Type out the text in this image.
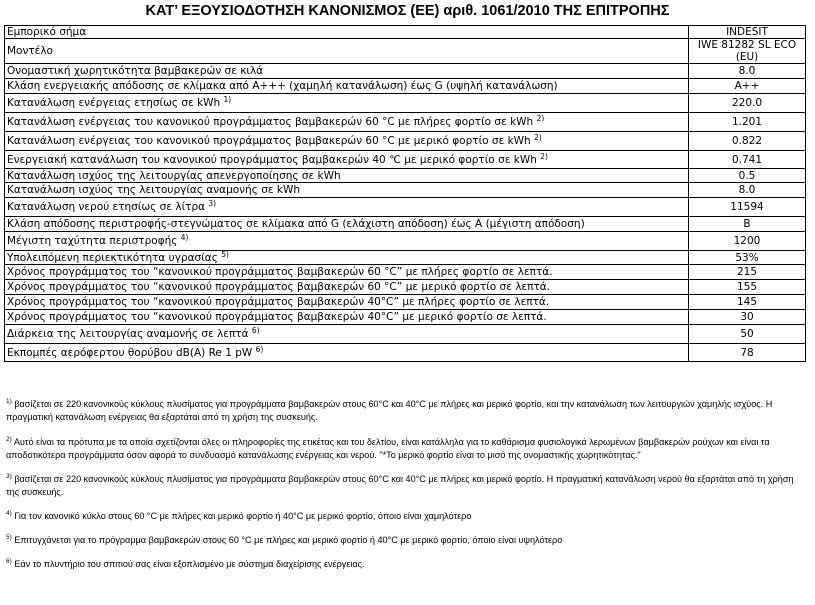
ΚΑΤ’ ΕΞΟΥΣΙΟΔΟΤΗΣΗ ΚΑΝΟΝΙΣΜΟΣ (ΕΕ) αριθ. 1061/2010 ΤΗΣ ΕΠΙΤΡΟΠΗΣ
Εμπορικό σήμα	INDESIT
Μοντέλο	IWE 81282 SL ECO (EU)
Ονομαστική χωρητικότητα βαμβακερών σε κιλά	8.0
Κλάση ενεργειακής απόδοσης σε κλίμακα από A+++ (χαμηλή κατανάλωση) έως G (υψηλή κατανάλωση)	A++
Κατανάλωση ενέργειας ετησίως σε kWh $^{1)}$	220.0
Κατανάλωση ενέργειας του κανονικού προγράμματος βαμβακερών 60 °C με πλήρες φορτίο σε kWh $^{2)}$	1.201
Κατανάλωση ενέργειας του κανονικού προγράμματος βαμβακερών 60 °C με μερικό φορτίο σε kWh $^{2)}$	0.822
Ενεργειακή κατανάλωση του κανονικού προγράμματος βαμβακερών 40 ℃ με μερικό φορτίο σε kWh $^{2)}$	0.741
Κατανάλωση ισχύος της λειτουργίας απενεργοποίησης σε kWh	0.5
Κατανάλωση ισχύος της λειτουργίας αναμονής σε kWh	8.0
Κατανάλωση νερού ετησίως σε λίτρα $^{3)}$	11594
Κλάση απόδοσης περιστροφής-στεγνώματος σε κλίμακα από G (ελάχιστη απόδοση) έως A (μέγιστη απόδοση)	B
Μέγιστη ταχύτητα περιστροφής $^{4)}$	1200
Υπολειπόμενη περιεκτικότητα υγρασίας $^{5)}$	53%
Χρόνος προγράμματος του “κανονικού προγράμματος βαμβακερών 60 °C” με πλήρες φορτίο σε λεπτά.	215
Χρόνος προγράμματος του “κανονικού προγράμματος βαμβακερών 60 °C” με μερικό φορτίο σε λεπτά.	155
Χρόνος προγράμματος του “κανονικού προγράμματος βαμβακερών 40°C” με πλήρες φορτίο σε λεπτά.	145
Χρόνος προγράμματος του “κανονικού προγράμματος βαμβακερών 40°C” με μερικό φορτίο σε λεπτά.	30
Διάρκεια της λειτουργίας αναμονής σε λεπτά $^{6)}$	50
Εκπομπές αερόφερτου θορύβου dB(A) Re 1 pW $^{6)}$	78

$^{1)}$ βασίζεται σε 220 κανονικούς κύκλους πλυσίματος για προγράμματα βαμβακερών στους 60°C και 40°C με πλήρες και μερικό φορτίο, και την κατανάλωση των λειτουργιών χαμηλής ισχύος. Η πραγματική κατανάλωση ενέργειας θα εξαρτάται από τη χρήση της συσκευής.

$^{2)}$ Αυτό είναι τα πρότυπα με τα οποία σχετίζονται όλες οι πληροφορίες της ετικέτας και του δελτίου, είναι κατάλληλα για το καθάρισμα φυσιολογικά λερωμένων βαμβακερών ρούχων και είναι τα αποδοτικότερα προγράμματα όσον αφορά το συνδυασμό κατανάλωσης ενέργειας και νερού. "*Το μερικό φορτίο είναι το μισό της ονομαστικής χωρητικότητας."

$^{3)}$ βασίζεται σε 220 κανονικούς κύκλους πλυσίματος για προγράμματα βαμβακερών στους 60°C και 40°C με πλήρες και μερικό φορτίο. Η πραγματική κατανάλωση νερού θα εξαρτάται από τη χρήση της συσκευής.

$^{4)}$ Για τον κανονικό κύκλο στους 60 °C με πλήρες και μερικό φορτίο ή 40°C με μερικό φορτίο, όποιο είναι χαμηλότερο

$^{5)}$ Επιτυγχάνεται για το πρόγραμμα βαμβακερών στους 60 °C με πλήρες και μερικό φορτίο ή 40°C με μερικό φορτίο, όποιο είναι υψηλότερο

$^{6)}$ Εάν το πλυντήριο του σπιτιού σας είναι εξοπλισμένο με σύστημα διαχείρισης ενέργειας.
